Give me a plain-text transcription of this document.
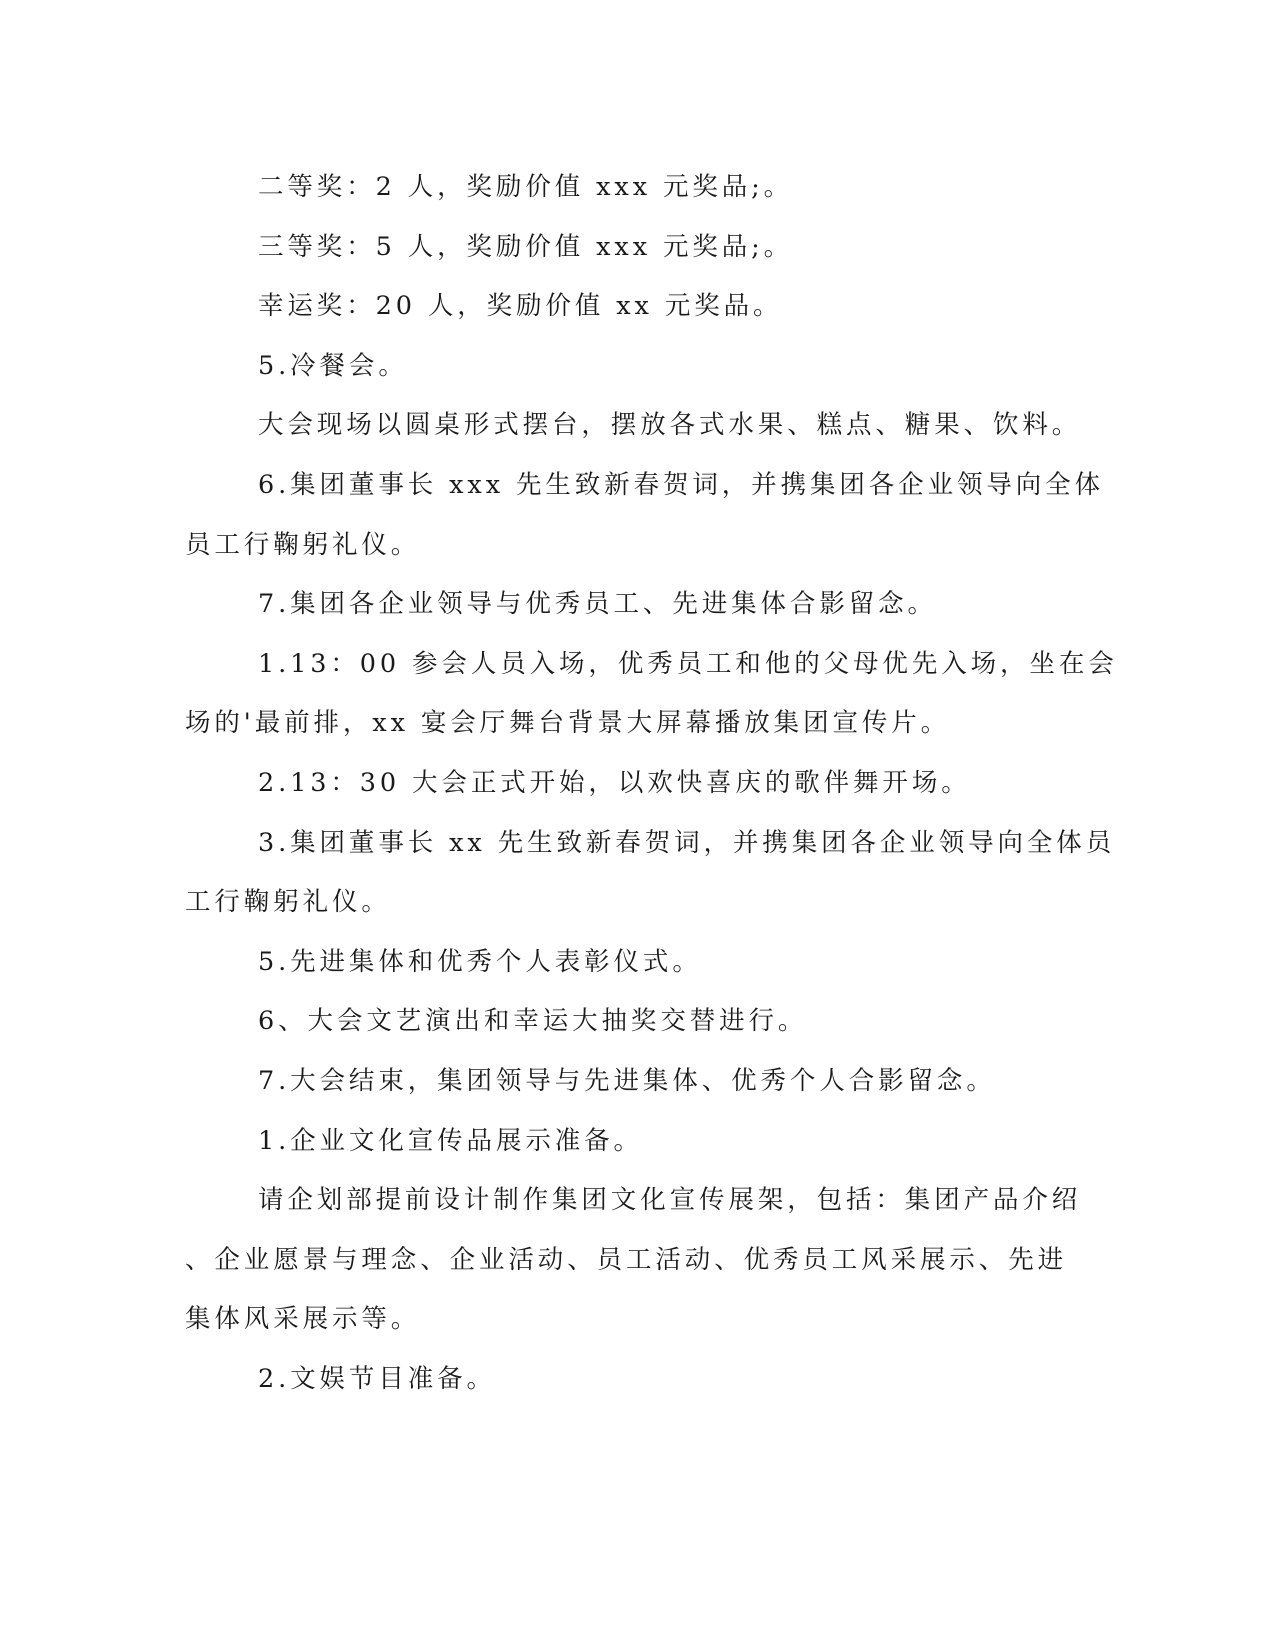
二等奖：2 人，奖励价值 xxx 元奖品;。
三等奖：5 人，奖励价值 xxx 元奖品;。
幸运奖：20 人，奖励价值 xx 元奖品。
5.冷餐会。
大会现场以圆桌形式摆台，摆放各式水果、糕点、糖果、饮料。
6.集团董事长 xxx 先生致新春贺词，并携集团各企业领导向全体
员工行鞠躬礼仪。
7.集团各企业领导与优秀员工、先进集体合影留念。
1.13：00 参会人员入场，优秀员工和他的父母优先入场，坐在会
场的'最前排，xx 宴会厅舞台背景大屏幕播放集团宣传片。
2.13：30 大会正式开始，以欢快喜庆的歌伴舞开场。
3.集团董事长 xx 先生致新春贺词，并携集团各企业领导向全体员
工行鞠躬礼仪。
5.先进集体和优秀个人表彰仪式。
6、大会文艺演出和幸运大抽奖交替进行。
7.大会结束，集团领导与先进集体、优秀个人合影留念。
1.企业文化宣传品展示准备。
请企划部提前设计制作集团文化宣传展架，包括：集团产品介绍
、企业愿景与理念、企业活动、员工活动、优秀员工风采展示、先进
集体风采展示等。
2.文娱节目准备。
